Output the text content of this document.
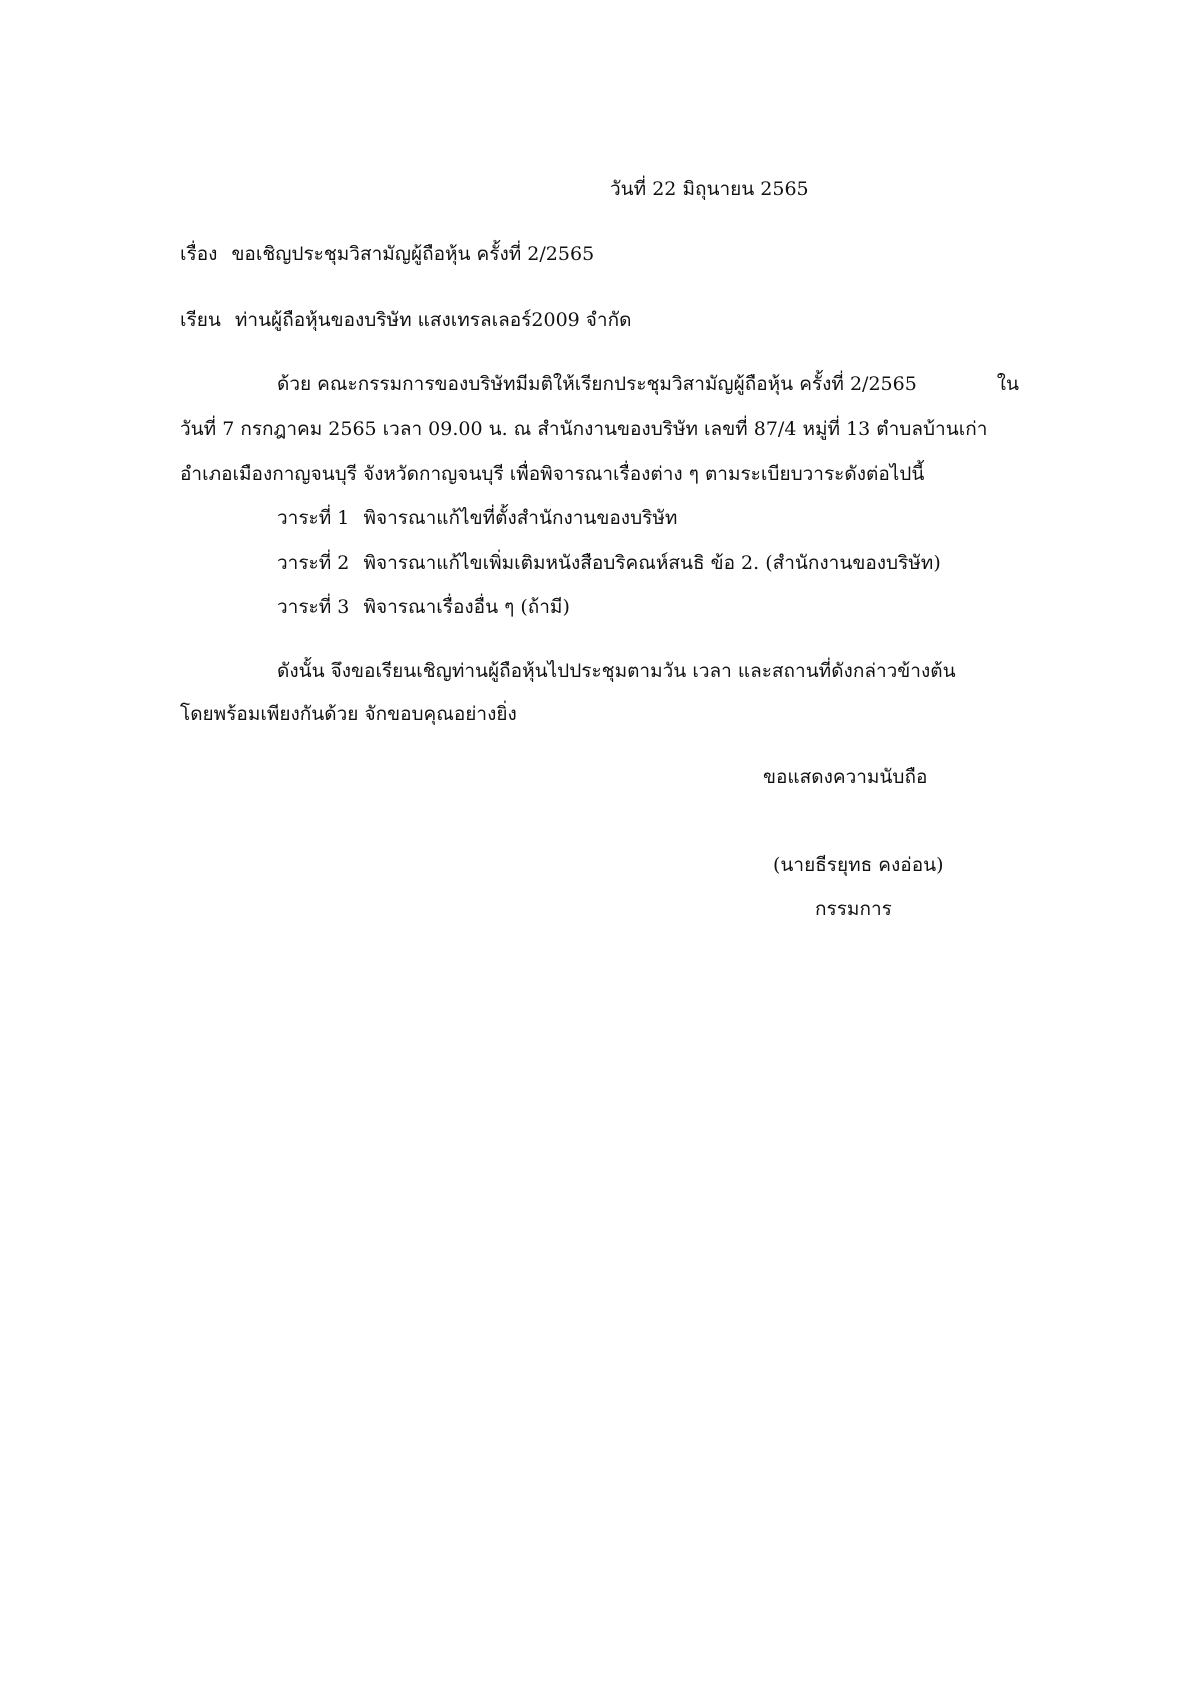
วันที่ 22 มิถุนายน 2565
เรื่อง ขอเชิญประชุมวิสามัญผู้ถือหุ้น ครั้งที่ 2/2565
เรียน ท่านผู้ถือหุ้นของบริษัท แสงเทรลเลอร์2009 จำกัด
ด้วย คณะกรรมการของบริษัทมีมติให้เรียกประชุมวิสามัญผู้ถือหุ้น ครั้งที่ 2/2565	ใน
วันที่ 7 กรกฎาคม 2565 เวลา 09.00 น. ณ สำนักงานของบริษัท เลขที่ 87/4 หมู่ที่ 13 ตำบลบ้านเก่า
อำเภอเมืองกาญจนบุรี จังหวัดกาญจนบุรี เพื่อพิจารณาเรื่องต่าง ๆ ตามระเบียบวาระดังต่อไปนี้
วาระที่ 1 พิจารณาแก้ไขที่ตั้งสำนักงานของบริษัท
วาระที่ 2 พิจารณาแก้ไขเพิ่มเติมหนังสือบริคณห์สนธิ ข้อ 2. (สำนักงานของบริษัท)
วาระที่ 3 พิจารณาเรื่องอื่น ๆ (ถ้ามี)
ดังนั้น จึงขอเรียนเชิญท่านผู้ถือหุ้นไปประชุมตามวัน เวลา และสถานที่ดังกล่าวข้างต้น
โดยพร้อมเพียงกันด้วย จักขอบคุณอย่างยิ่ง
ขอแสดงความนับถือ
(นายธีรยุทธ คงอ่อน)
กรรมการ
